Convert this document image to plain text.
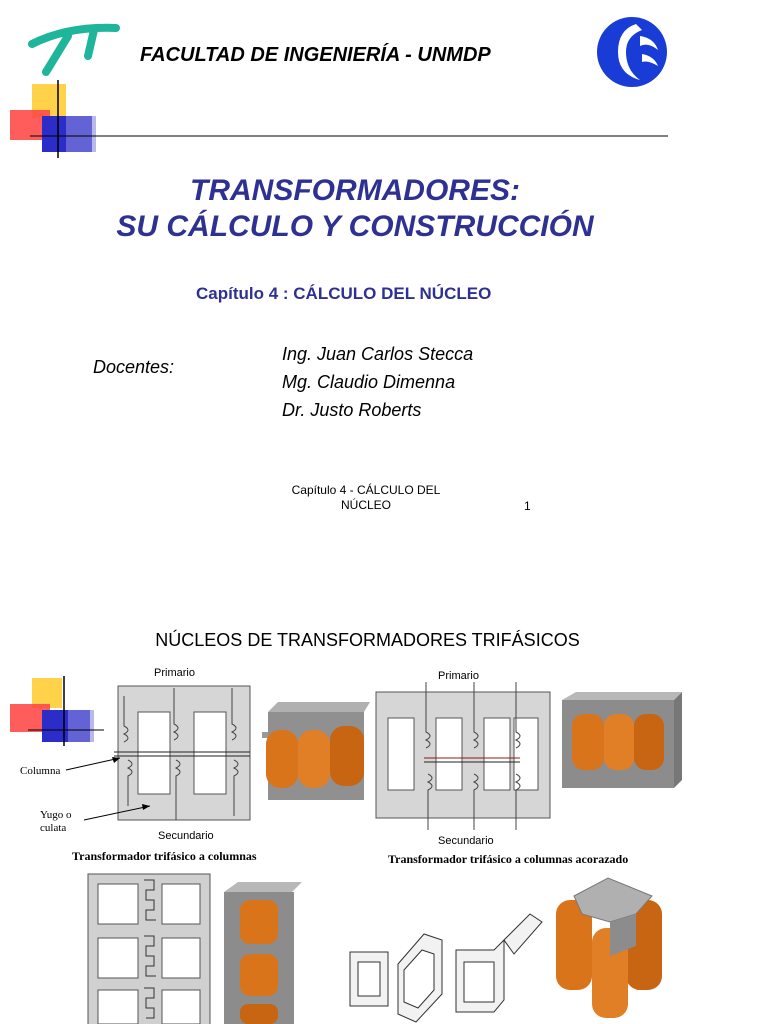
FACULTAD DE INGENIERÍA - UNMDP
TRANSFORMADORES:
SU CÁLCULO Y CONSTRUCCIÓN
Capítulo 4 : CÁLCULO DEL NÚCLEO
Docentes:
Ing. Juan Carlos Stecca
Mg. Claudio Dimenna
Dr. Justo Roberts
Capítulo 4 - CÁLCULO DEL
NÚCLEO	1
NÚCLEOS DE TRANSFORMADORES TRIFÁSICOS
Primario
Columna
Yugo o
culata
Secundario
Transformador trifásico a columnas
Primario
Secundario
Transformador trifásico a columnas acorazado
